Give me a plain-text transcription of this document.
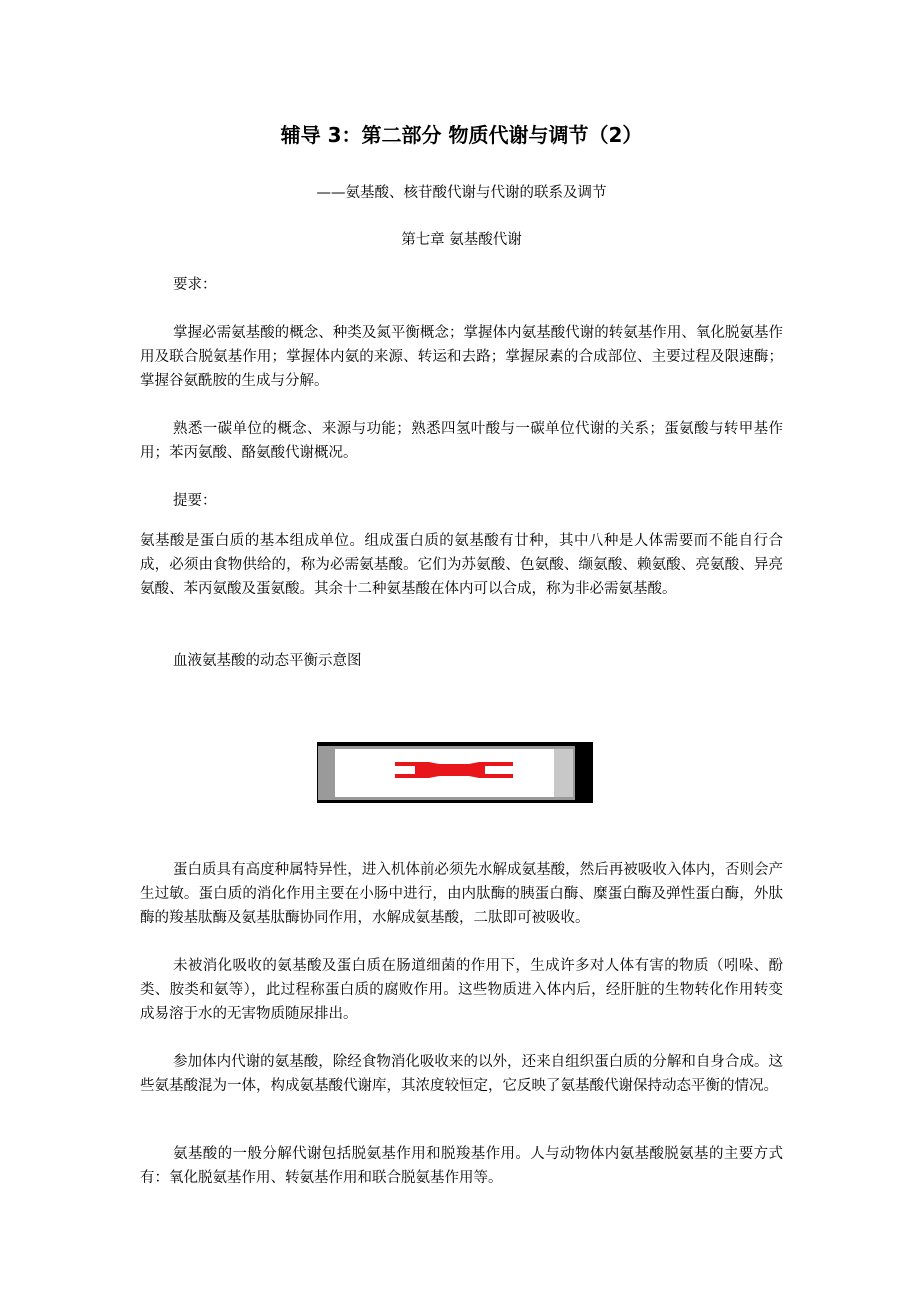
辅导 3：第二部分 物质代谢与调节（2）

——氨基酸、核苷酸代谢与代谢的联系及调节

第七章 氨基酸代谢

要求：

掌握必需氨基酸的概念、种类及氮平衡概念；掌握体内氨基酸代谢的转氨基作用、氧化脱氨基作用及联合脱氨基作用；掌握体内氨的来源、转运和去路；掌握尿素的合成部位、主要过程及限速酶；掌握谷氨酰胺的生成与分解。

熟悉一碳单位的概念、来源与功能；熟悉四氢叶酸与一碳单位代谢的关系；蛋氨酸与转甲基作用；苯丙氨酸、酪氨酸代谢概况。

提要：

氨基酸是蛋白质的基本组成单位。组成蛋白质的氨基酸有廿种，其中八种是人体需要而不能自行合成，必须由食物供给的，称为必需氨基酸。它们为苏氨酸、色氨酸、缬氨酸、赖氨酸、亮氨酸、异亮氨酸、苯丙氨酸及蛋氨酸。其余十二种氨基酸在体内可以合成，称为非必需氨基酸。

血液氨基酸的动态平衡示意图

蛋白质具有高度种属特异性，进入机体前必须先水解成氨基酸，然后再被吸收入体内，否则会产生过敏。蛋白质的消化作用主要在小肠中进行，由内肽酶的胰蛋白酶、糜蛋白酶及弹性蛋白酶，外肽酶的羧基肽酶及氨基肽酶协同作用，水解成氨基酸，二肽即可被吸收。

未被消化吸收的氨基酸及蛋白质在肠道细菌的作用下，生成许多对人体有害的物质（吲哚、酚类、胺类和氨等），此过程称蛋白质的腐败作用。这些物质进入体内后，经肝脏的生物转化作用转变成易溶于水的无害物质随尿排出。

参加体内代谢的氨基酸，除经食物消化吸收来的以外，还来自组织蛋白质的分解和自身合成。这些氨基酸混为一体，构成氨基酸代谢库，其浓度较恒定，它反映了氨基酸代谢保持动态平衡的情况。

氨基酸的一般分解代谢包括脱氨基作用和脱羧基作用。人与动物体内氨基酸脱氨基的主要方式有：氧化脱氨基作用、转氨基作用和联合脱氨基作用等。
